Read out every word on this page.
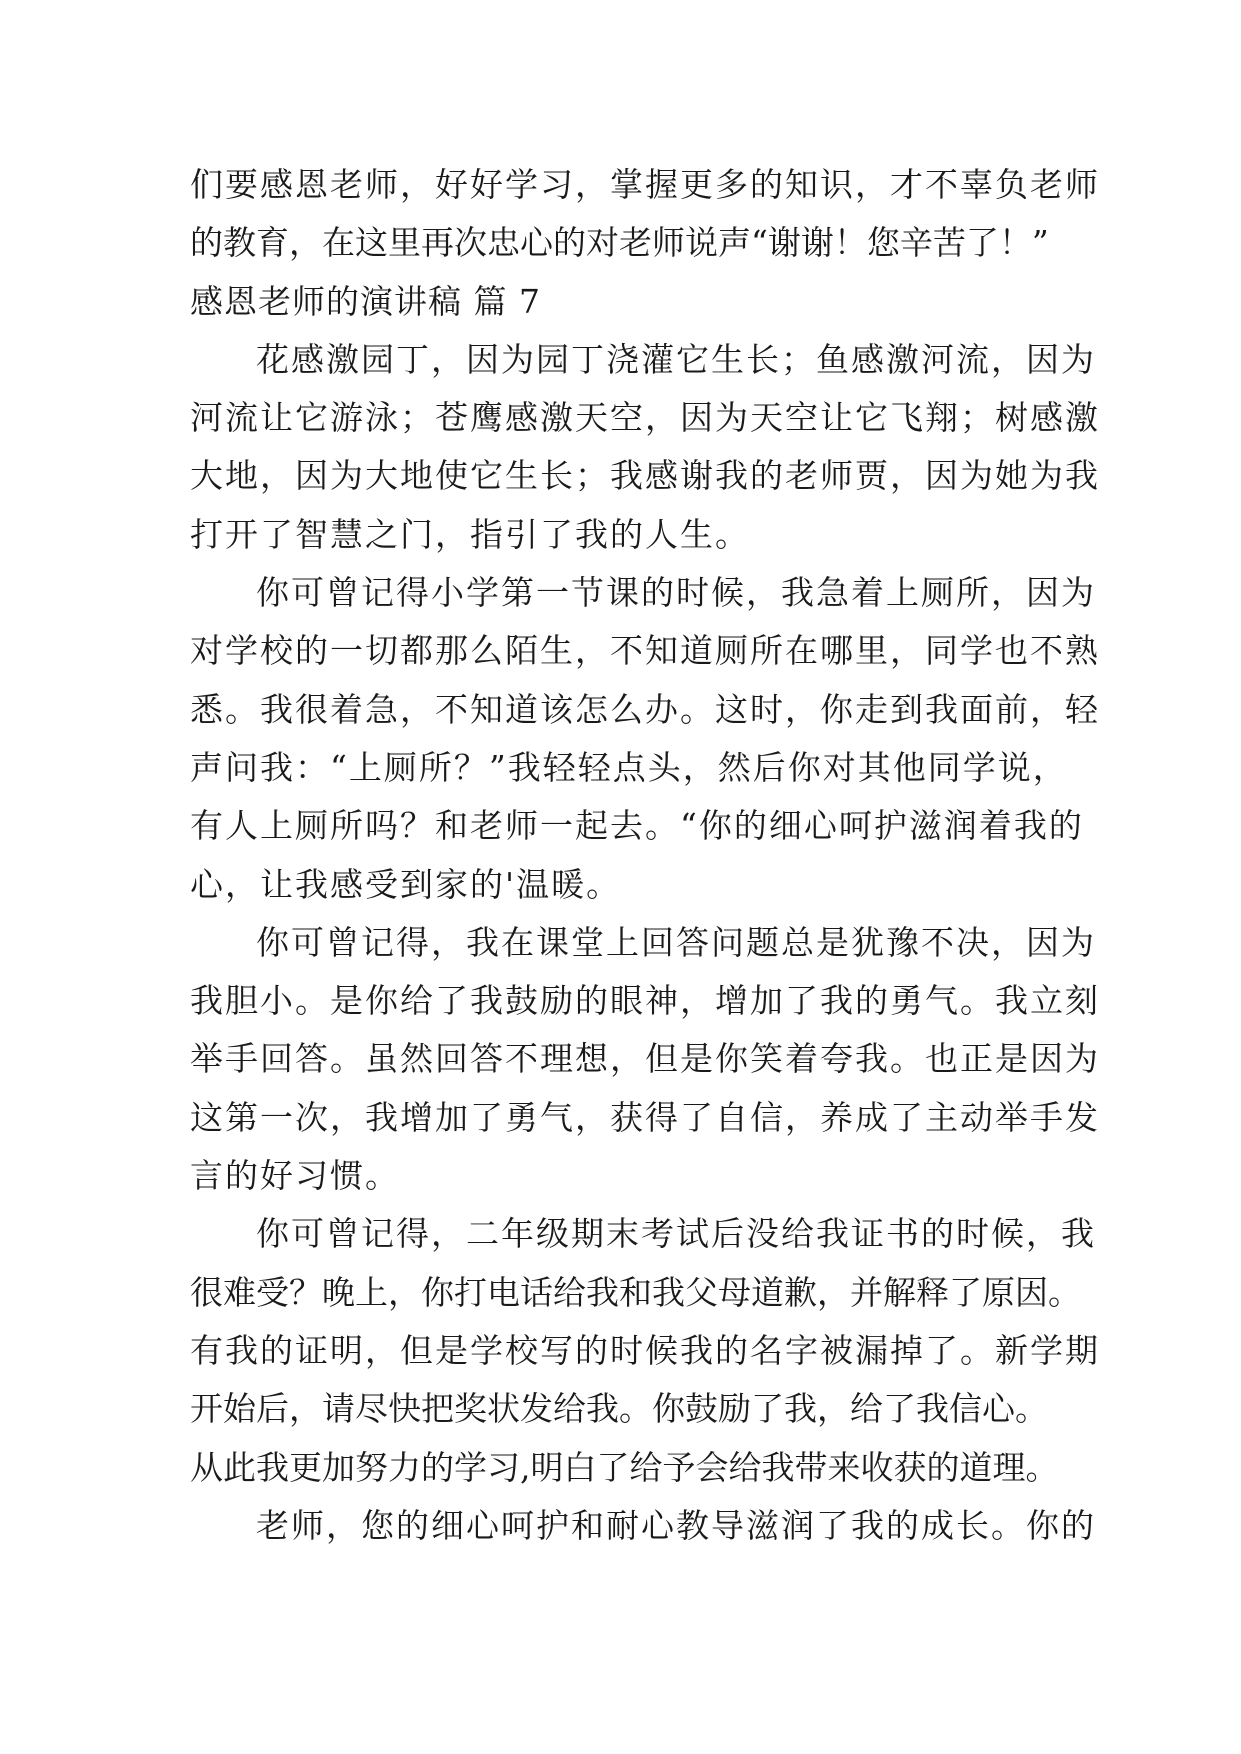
们要感恩老师，好好学习，掌握更多的知识，才不辜负老师
的教育，在这里再次忠心的对老师说声“谢谢！您辛苦了！”
感恩老师的演讲稿 篇 7
花感激园丁，因为园丁浇灌它生长；鱼感激河流，因为
河流让它游泳；苍鹰感激天空，因为天空让它飞翔；树感激
大地，因为大地使它生长；我感谢我的老师贾，因为她为我
打开了智慧之门，指引了我的人生。
你可曾记得小学第一节课的时候，我急着上厕所，因为
对学校的一切都那么陌生，不知道厕所在哪里，同学也不熟
悉。我很着急，不知道该怎么办。这时，你走到我面前，轻
声问我：“上厕所？”我轻轻点头，然后你对其他同学说，
有人上厕所吗？和老师一起去。“你的细心呵护滋润着我的
心，让我感受到家的'温暖。
你可曾记得，我在课堂上回答问题总是犹豫不决，因为
我胆小。是你给了我鼓励的眼神，增加了我的勇气。我立刻
举手回答。虽然回答不理想，但是你笑着夸我。也正是因为
这第一次，我增加了勇气，获得了自信，养成了主动举手发
言的好习惯。
你可曾记得，二年级期末考试后没给我证书的时候，我
很难受？晚上，你打电话给我和我父母道歉，并解释了原因。
有我的证明，但是学校写的时候我的名字被漏掉了。新学期
开始后，请尽快把奖状发给我。你鼓励了我，给了我信心。
从此我更加努力的学习,明白了给予会给我带来收获的道理。
老师，您的细心呵护和耐心教导滋润了我的成长。你的
